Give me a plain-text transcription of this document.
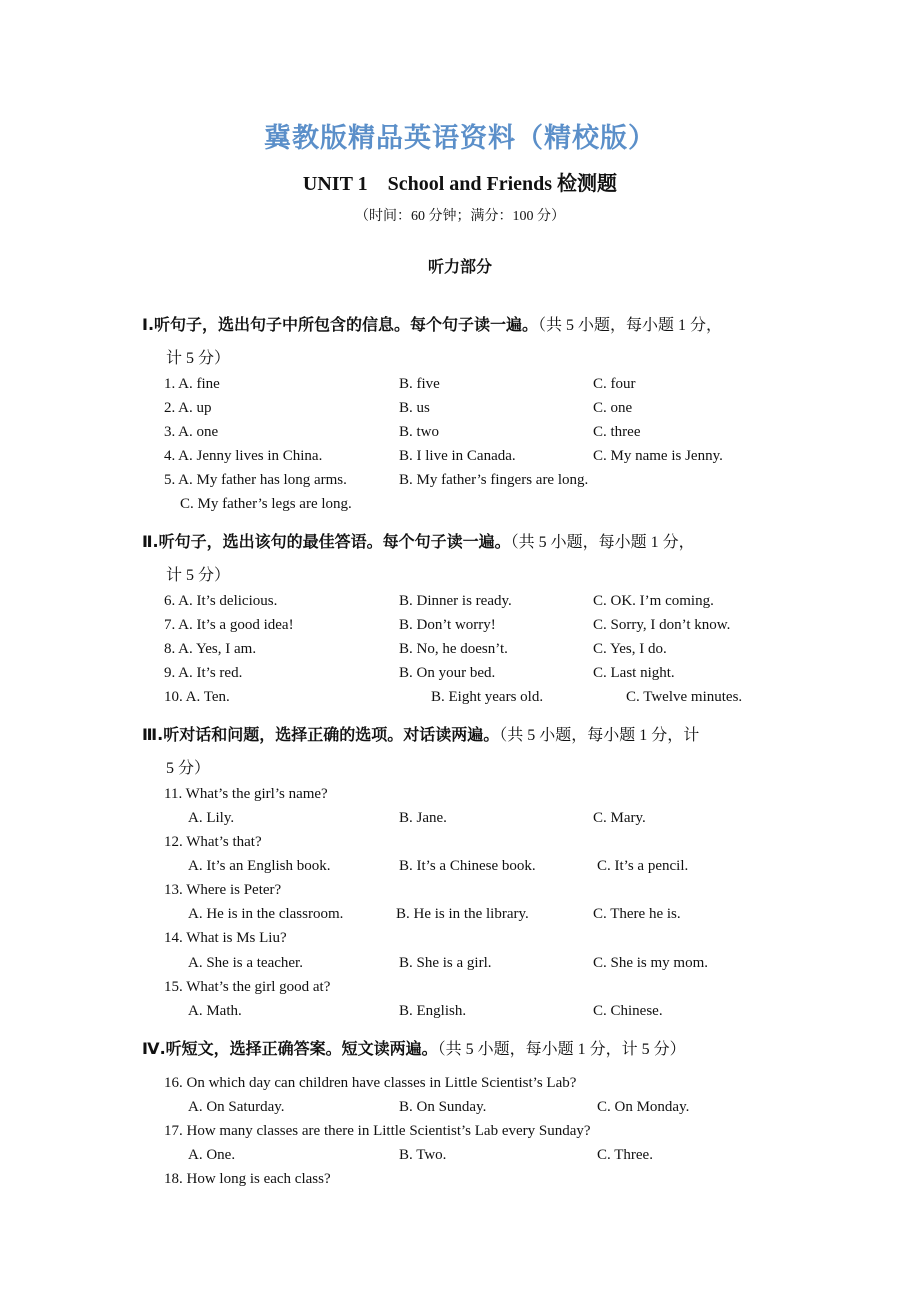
冀教版精品英语资料（精校版）
UNIT 1　School and Friends 检测题
（时间：60 分钟；满分：100 分）
听力部分
Ⅰ.听句子，选出句子中所包含的信息。每个句子读一遍。（共 5 小题，每小题 1 分，
计 5 分）
1. A. fine	B. five	C. four
2. A. up	B. us	C. one
3. A. one	B. two	C. three
4. A. Jenny lives in China.	B. I live in Canada.	C. My name is Jenny.
5. A. My father has long arms.	B. My father’s fingers are long.
C. My father’s legs are long.
Ⅱ.听句子，选出该句的最佳答语。每个句子读一遍。（共 5 小题，每小题 1 分，
计 5 分）
6. A. It’s delicious.	B. Dinner is ready.	C. OK. I’m coming.
7. A. It’s a good idea!	B. Don’t worry!	C. Sorry, I don’t know.
8. A. Yes, I am.	B. No, he doesn’t.	C. Yes, I do.
9. A. It’s red.	B. On your bed.	C. Last night.
10. A. Ten.	B. Eight years old.	C. Twelve minutes.
Ⅲ.听对话和问题，选择正确的选项。对话读两遍。（共 5 小题，每小题 1 分，计
5 分）
11. What’s the girl’s name?
A. Lily.	B. Jane.	C. Mary.
12. What’s that?
A. It’s an English book.	B. It’s a Chinese book.	C. It’s a pencil.
13. Where is Peter?
A. He is in the classroom.	B. He is in the library.	C. There he is.
14. What is Ms Liu?
A. She is a teacher.	B. She is a girl.	C. She is my mom.
15. What’s the girl good at?
A. Math.	B. English.	C. Chinese.
Ⅳ.听短文，选择正确答案。短文读两遍。（共 5 小题，每小题 1 分，计 5 分）
16. On which day can children have classes in Little Scientist’s Lab?
A. On Saturday.	B. On Sunday.	C. On Monday.
17. How many classes are there in Little Scientist’s Lab every Sunday?
A. One.	B. Two.	C. Three.
18. How long is each class?
